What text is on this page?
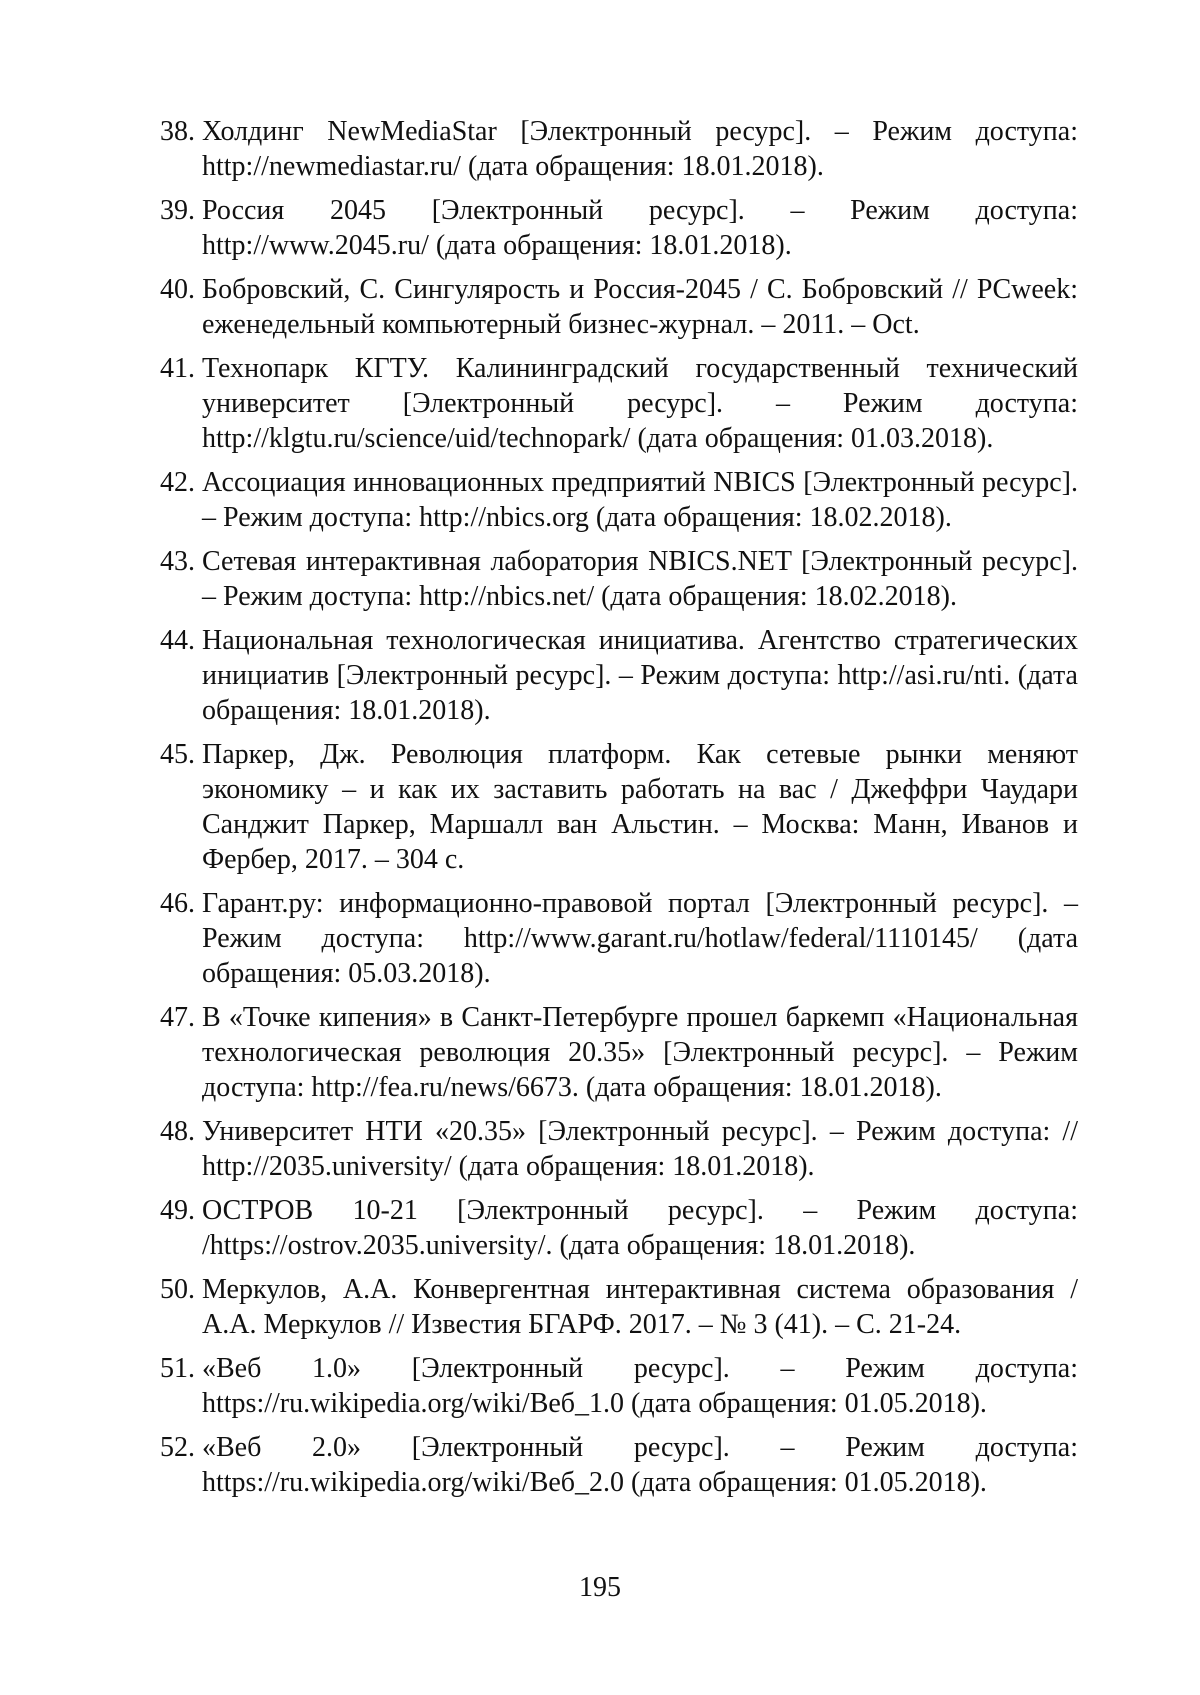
38. Холдинг NewMediaStar [Электронный ресурс]. – Режим доступа: http://newmediastar.ru/ (дата обращения: 18.01.2018).
39. Россия 2045 [Электронный ресурс]. – Режим доступа: http://www.2045.ru/ (дата обращения: 18.01.2018).
40. Бобровский, С. Сингулярость и Россия-2045 / С. Бобровский // PCweek: еженедельный компьютерный бизнес-журнал. – 2011. – Oct.
41. Технопарк КГТУ. Калининградский государственный технический университет [Электронный ресурс]. – Режим доступа: http://klgtu.ru/science/uid/technopark/ (дата обращения: 01.03.2018).
42. Ассоциация инновационных предприятий NBICS [Электронный ресурс]. – Режим доступа: http://nbics.org (дата обращения: 18.02.2018).
43. Сетевая интерактивная лаборатория NBICS.NET [Электронный ресурс]. – Режим доступа: http://nbics.net/ (дата обращения: 18.02.2018).
44. Национальная технологическая инициатива. Агентство стратегических инициатив [Электронный ресурс]. – Режим доступа: http://asi.ru/nti. (дата обращения: 18.01.2018).
45. Паркер, Дж. Революция платформ. Как сетевые рынки меняют экономику – и как их заставить работать на вас / Джеффри Чаудари Санджит Паркер, Маршалл ван Альстин. – Москва: Манн, Иванов и Фербер, 2017. – 304 с.
46. Гарант.ру: информационно-правовой портал [Электронный ресурс]. – Режим доступа: http://www.garant.ru/hotlaw/federal/1110145/ (дата обращения: 05.03.2018).
47. В «Точке кипения» в Санкт-Петербурге прошел баркемп «Национальная технологическая революция 20.35» [Электронный ресурс]. – Режим доступа: http://fea.ru/news/6673. (дата обращения: 18.01.2018).
48. Университет НТИ «20.35» [Электронный ресурс]. – Режим доступа: // http://2035.university/ (дата обращения: 18.01.2018).
49. ОСТРОВ 10-21 [Электронный ресурс]. – Режим доступа: /https://ostrov.2035.university/. (дата обращения: 18.01.2018).
50. Меркулов, А.А. Конвергентная интерактивная система образования / А.А. Меркулов // Известия БГАРФ. 2017. – № 3 (41). – С. 21-24.
51. «Веб 1.0» [Электронный ресурс]. – Режим доступа: https://ru.wikipedia.org/wiki/Веб_1.0 (дата обращения: 01.05.2018).
52. «Веб 2.0» [Электронный ресурс]. – Режим доступа: https://ru.wikipedia.org/wiki/Веб_2.0 (дата обращения: 01.05.2018).
195
